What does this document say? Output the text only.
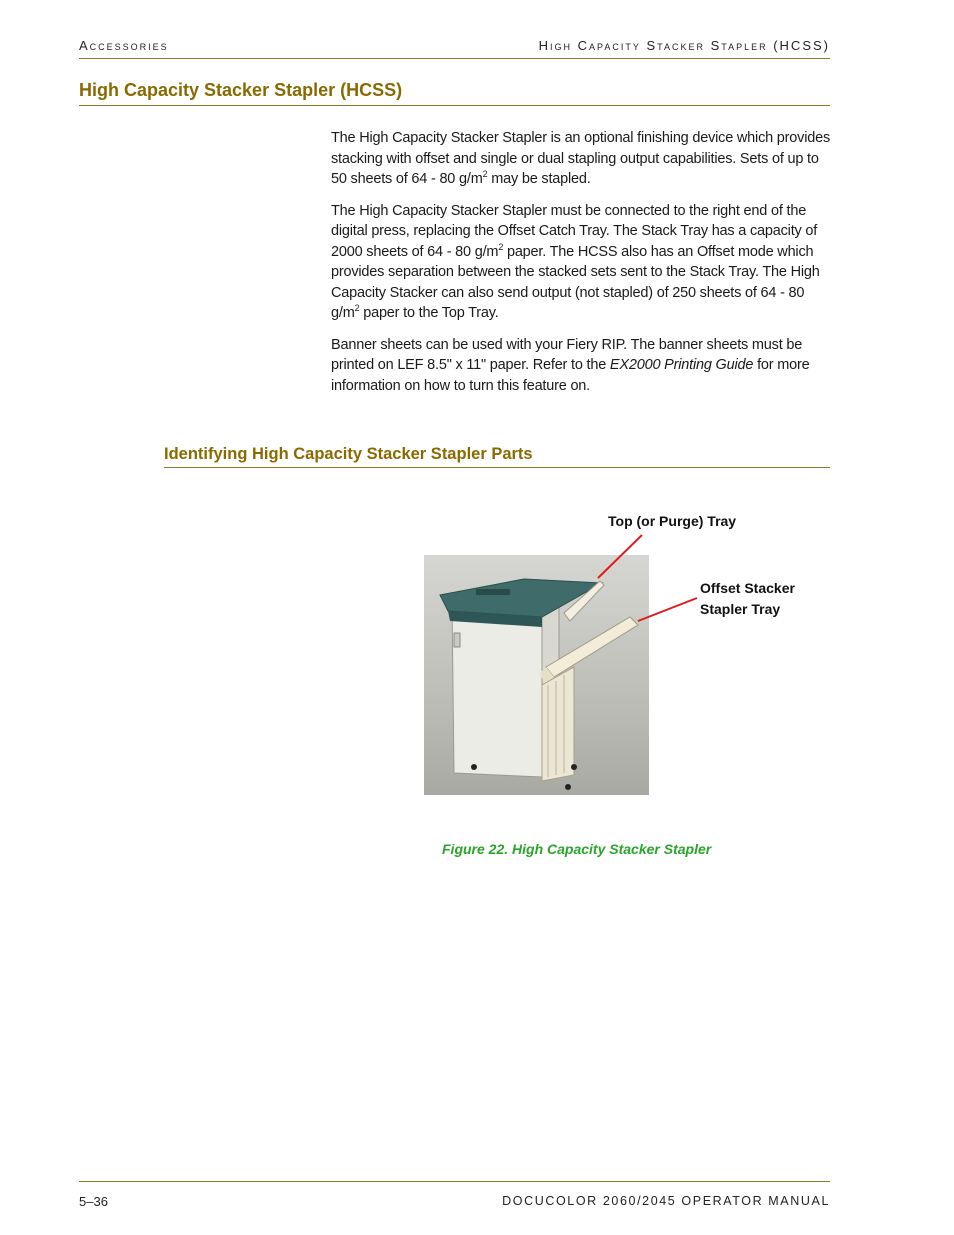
Accessories	High Capacity Stacker Stapler (HCSS)
High Capacity Stacker Stapler (HCSS)

The High Capacity Stacker Stapler is an optional finishing device which provides stacking with offset and single or dual stapling output capabilities. Sets of up to 50 sheets of 64 - 80 $g/m^2$ may be stapled.

The High Capacity Stacker Stapler must be connected to the right end of the digital press, replacing the Offset Catch Tray. The Stack Tray has a capacity of 2000 sheets of 64 - 80 $g/m^2$ paper. The HCSS also has an Offset mode which provides separation between the stacked sets sent to the Stack Tray. The High Capacity Stacker can also send output (not stapled) of 250 sheets of 64 - 80 $g/m^2$ paper to the Top Tray.

Banner sheets can be used with your Fiery RIP. The banner sheets must be printed on LEF 8.5" x 11" paper. Refer to the EX2000 Printing Guide for more information on how to turn this feature on.

Identifying High Capacity Stacker Stapler Parts
Top (or Purge) Tray
Offset Stacker Stapler Tray
Figure 22. High Capacity Stacker Stapler
5–36	DOCUCOLOR 2060/2045 OPERATOR MANUAL
